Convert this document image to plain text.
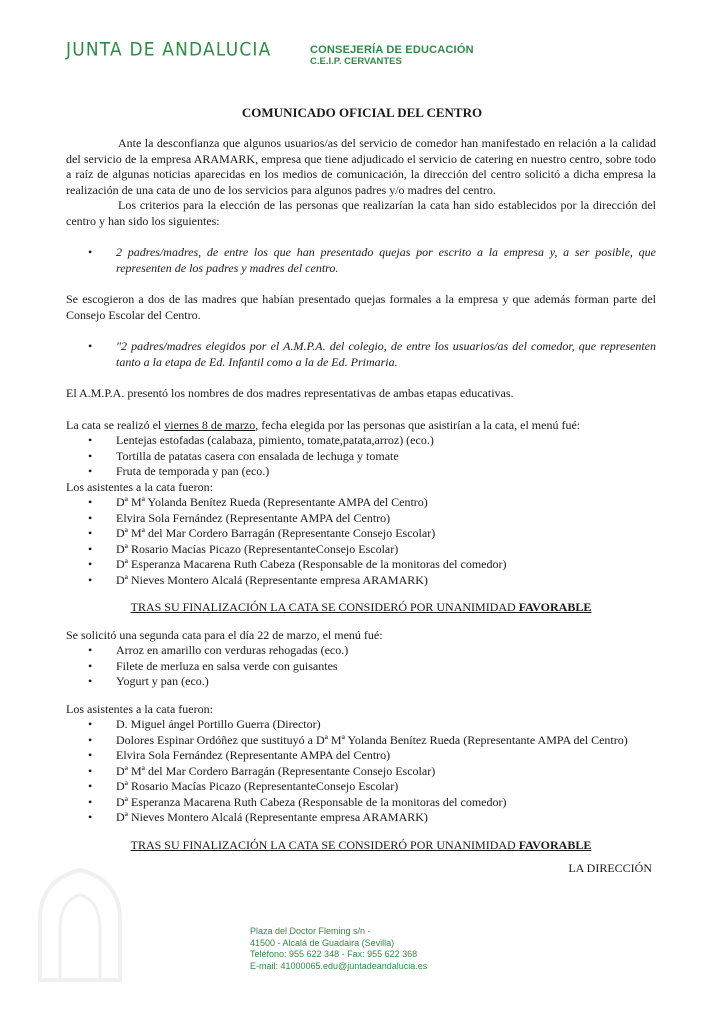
JUNTA DE ANDALUCIA	CONSEJERÍA DE EDUCACIÓN
C.E.I.P. CERVANTES
COMUNICADO OFICIAL DEL CENTRO

Ante la desconfianza que algunos usuarios/as del servicio de comedor han manifestado en relación a la calidad del servicio de la empresa ARAMARK, empresa que tiene adjudicado el servicio de catering en nuestro centro, sobre todo a raíz de algunas noticias aparecidas en los medios de comunicación, la dirección del centro solicitó a dicha empresa la realización de una cata de uno de los servicios para algunos padres y/o madres del centro.

Los criterios para la elección de las personas que realizarían la cata han sido establecidos por la dirección del centro y han sido los siguientes:

• 2 padres/madres, de entre los que han presentado quejas por escrito a la empresa y, a ser posible, que representen de los padres y madres del centro.

Se escogieron a dos de las madres que habían presentado quejas formales a la empresa y que además forman parte del Consejo Escolar del Centro.

• "2 padres/madres elegidos por el A.M.P.A. del colegio, de entre los usuarios/as del comedor, que representen tanto a la etapa de Ed. Infantil como a la de Ed. Primaria.

El A.M.P.A. presentó los nombres de dos madres representativas de ambas etapas educativas.

La cata se realizó el viernes 8 de marzo, fecha elegida por las personas que asistirían a la cata, el menú fué:

• Lentejas estofadas (calabaza, pimiento, tomate,patata,arroz) (eco.)
• Tortilla de patatas casera con ensalada de lechuga y tomate
• Fruta de temporada y pan (eco.)

Los asistentes a la cata fueron:

• Dª Mª Yolanda Benítez Rueda (Representante AMPA del Centro)
• Elvira Sola Fernández (Representante AMPA del Centro)
• Dª Mª del Mar Cordero Barragán (Representante Consejo Escolar)
• Dª Rosario Macías Picazo (RepresentanteConsejo Escolar)
• Dª Esperanza Macarena Ruth Cabeza (Responsable de la monitoras del comedor)
• Dª Nieves Montero Alcalá (Representante empresa ARAMARK)

TRAS SU FINALIZACIÓN LA CATA SE CONSIDERÓ POR UNANIMIDAD FAVORABLE

Se solicitó una segunda cata para el día 22 de marzo, el menú fué:

• Arroz en amarillo con verduras rehogadas (eco.)
• Filete de merluza en salsa verde con guisantes
• Yogurt y pan (eco.)

Los asistentes a la cata fueron:

• D. Miguel ángel Portillo Guerra (Director)
• Dolores Espinar Ordóñez que sustituyó a Dª Mª Yolanda Benítez Rueda (Representante AMPA del Centro)
• Elvira Sola Fernández (Representante AMPA del Centro)
• Dª Mª del Mar Cordero Barragán (Representante Consejo Escolar)
• Dª Rosario Macías Picazo (RepresentanteConsejo Escolar)
• Dª Esperanza Macarena Ruth Cabeza (Responsable de la monitoras del comedor)
• Dª Nieves Montero Alcalá (Representante empresa ARAMARK)

TRAS SU FINALIZACIÓN LA CATA SE CONSIDERÓ POR UNANIMIDAD FAVORABLE

LA DIRECCIÓN

Plaza del Doctor Fleming s/n -
41500 - Alcalá de Guadaira (Sevilla)
Teléfono: 955 622 348 - Fax: 955 622 368
E-mail: 41000065.edu@juntadeandalucia.es
